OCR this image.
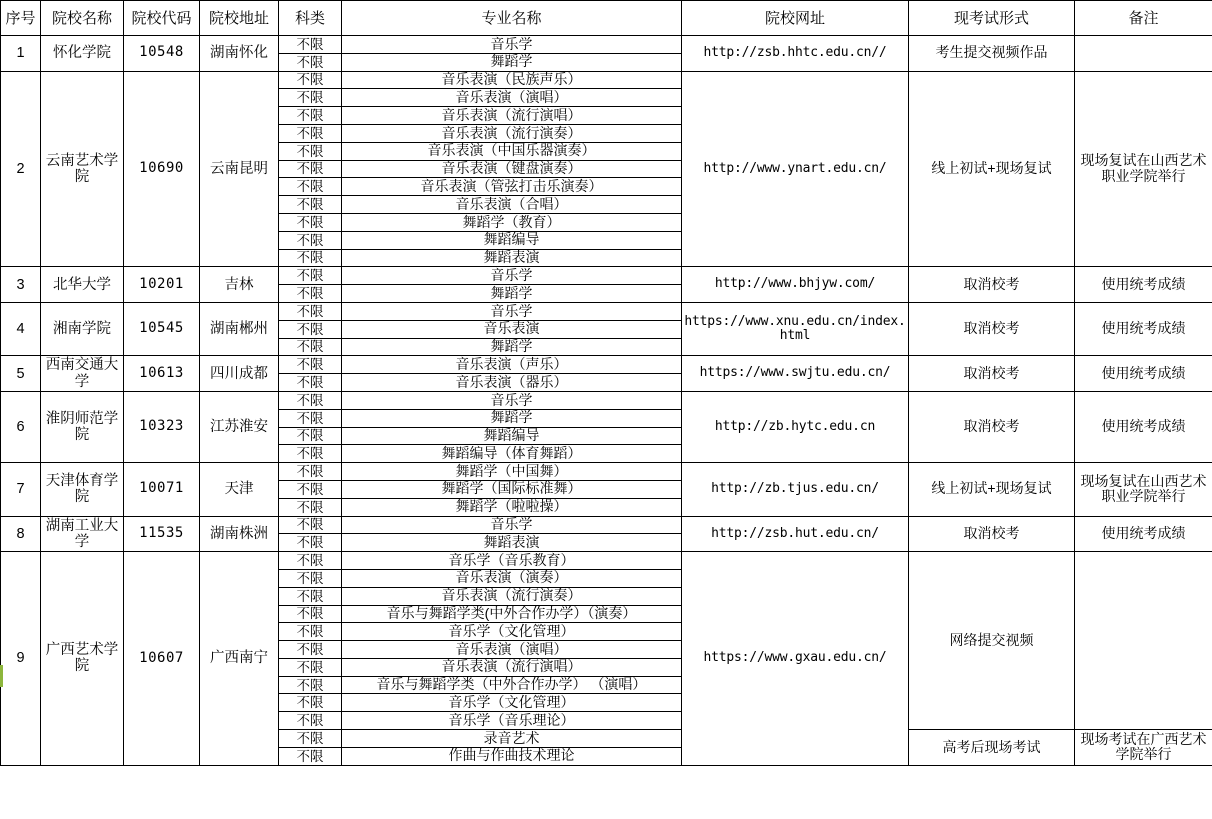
序号	院校名称	院校代码	院校地址	科类	专业名称	院校网址	现考试形式	备注
1	怀化学院	10548	湖南怀化	不限	音乐学	http://zsb.hhtc.edu.cn//	考生提交视频作品	
				不限	舞蹈学			
2	云南艺术学院	10690	云南昆明	不限	音乐表演（民族声乐）	http://www.ynart.edu.cn/	线上初试+现场复试	现场复试在山西艺术职业学院举行
				不限	音乐表演（演唱）			
				不限	音乐表演（流行演唱）			
				不限	音乐表演（流行演奏）			
				不限	音乐表演（中国乐器演奏）			
				不限	音乐表演（键盘演奏）			
				不限	音乐表演（管弦打击乐演奏）			
				不限	音乐表演（合唱）			
				不限	舞蹈学（教育）			
				不限	舞蹈编导			
				不限	舞蹈表演			
3	北华大学	10201	吉林	不限	音乐学	http://www.bhjyw.com/	取消校考	使用统考成绩
				不限	舞蹈学			
4	湘南学院	10545	湖南郴州	不限	音乐学	https://www.xnu.edu.cn/index.html	取消校考	使用统考成绩
				不限	音乐表演			
				不限	舞蹈学			
5	西南交通大学	10613	四川成都	不限	音乐表演（声乐）	https://www.swjtu.edu.cn/	取消校考	使用统考成绩
				不限	音乐表演（器乐）			
6	淮阴师范学院	10323	江苏淮安	不限	音乐学	http://zb.hytc.edu.cn	取消校考	使用统考成绩
				不限	舞蹈学			
				不限	舞蹈编导			
				不限	舞蹈编导（体育舞蹈）			
7	天津体育学院	10071	天津	不限	舞蹈学（中国舞）	http://zb.tjus.edu.cn/	线上初试+现场复试	现场复试在山西艺术职业学院举行
				不限	舞蹈学（国际标准舞）			
				不限	舞蹈学（啦啦操）			
8	湖南工业大学	11535	湖南株洲	不限	音乐学	http://zsb.hut.edu.cn/	取消校考	使用统考成绩
				不限	舞蹈表演			
9	广西艺术学院	10607	广西南宁	不限	音乐学（音乐教育）	https://www.gxau.edu.cn/	网络提交视频	
				不限	音乐表演（演奏）			
				不限	音乐表演（流行演奏）			
				不限	音乐与舞蹈学类(中外合作办学）（演奏）			
				不限	音乐学（文化管理）			
				不限	音乐表演（演唱）			
				不限	音乐表演（流行演唱）			
				不限	音乐与舞蹈学类（中外合作办学） （演唱）			
				不限	音乐学（文化管理）			
				不限	音乐学（音乐理论）			
				不限	录音艺术		高考后现场考试	现场考试在广西艺术学院举行
				不限	作曲与作曲技术理论			
